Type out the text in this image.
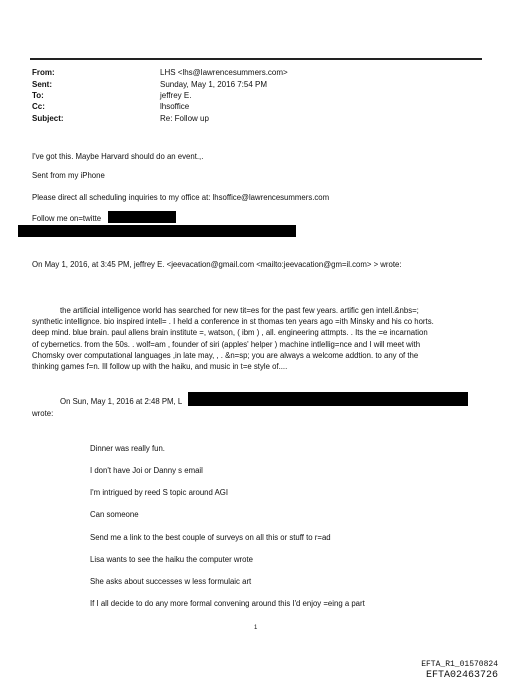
From:	LHS <lhs@lawrencesummers.com>
Sent:	Sunday, May 1, 2016 7:54 PM
To:	jeffrey E.
Cc:	lhsoffice
Subject:	Re: Follow up
I've got this. Maybe Harvard should do an event.,.
Sent from my iPhone
Please direct all scheduling inquiries to my office at: lhsoffice@lawrencesummers.com
Follow me on=twitte
On May 1, 2016, at 3:45 PM, jeffrey E. <jeevacation@gmail.com <mailto:jeevacation@gm=il.com> > wrote:
the artificial intelligence world has searched for new tit=es for the past few years. artific gen intell.&nbs=;
synthetic intellignce. bio inspired intell= . I held a conference in st thomas ten years ago =ith Minsky and his co horts.
deep mind. blue brain. paul allens brain institute =, watson, ( ibm ) , all. engineering attmpts. . Its the =e incarnation
of cybernetics. from the 50s. . wolf=am , founder of siri (apples' helper ) machine intlellig=nce and I will meet with
Chomsky over computational languages ,in late may, , . &n=sp; you are always a welcome addtion. to any of the
thinking games f=n. Ill follow up with the haiku, and music in t=e style of....
On Sun, May 1, 2016 at 2:48 PM, L
wrote:
Dinner was really fun.
I don't have Joi or Danny s email
I'm intrigued by reed S topic around AGI
Can someone
Send me a link to the best couple of surveys on all this or stuff to r=ad
Lisa wants to see the haiku the computer wrote
She asks about successes w less formulaic art
If I all decide to do any more formal convening around this I'd enjoy =eing a part
1
EFTA_R1_01570824
EFTA02463726
